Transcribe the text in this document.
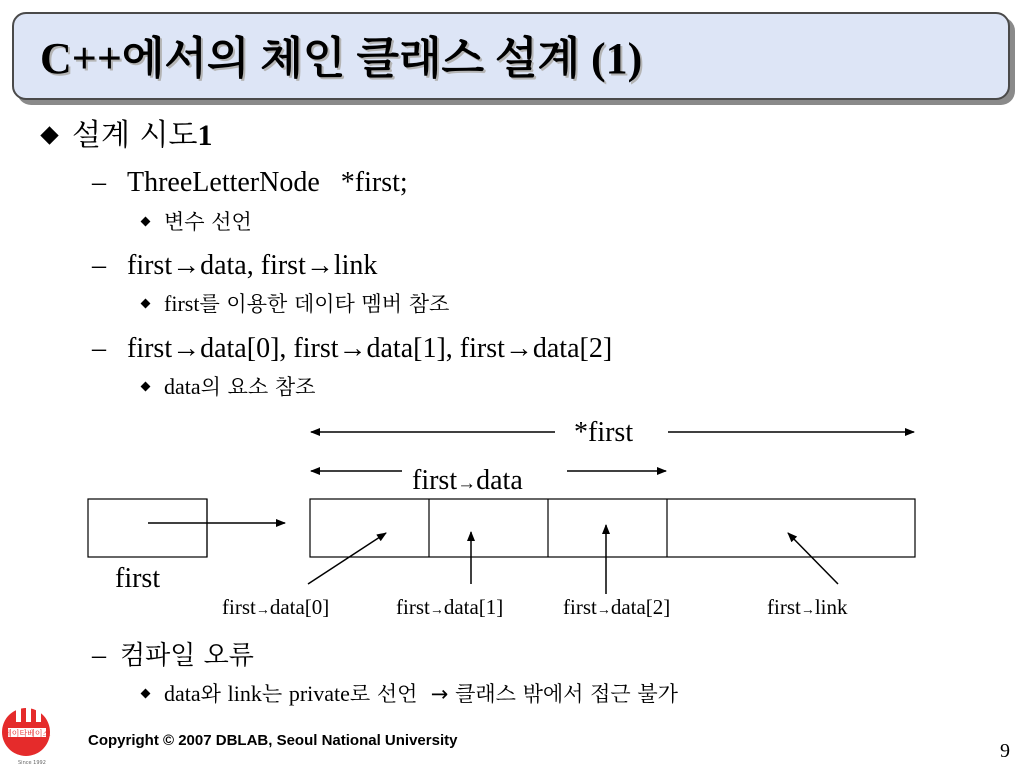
C++에서의 체인 클래스 설계 (1)
설계 시도1
– ThreeLetterNode   *first;
변수 선언
– first→data, first→link
first를 이용한 데이타 멤버 참조
– first→data[0], first→data[1], first→data[2]
data의 요소 참조
*first
first→data
first
first→data[0]	first→data[1]	first→data[2]	first→link
– 컴파일 오류
data와 link는 private로 선언  → 클래스 밖에서 접근 불가
데이타베이스
Since 1992
Copyright © 2007 DBLAB, Seoul National University	9
